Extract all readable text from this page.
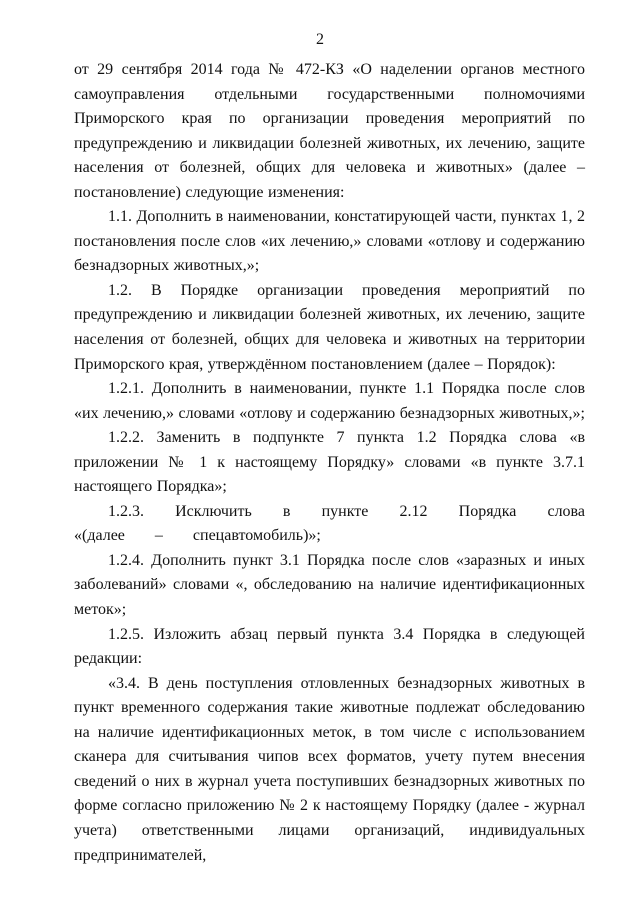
2

от 29 сентября 2014 года № 472-КЗ «О наделении органов местного самоуправления отдельными государственными полномочиями Приморского края по организации проведения мероприятий по предупреждению и ликвидации болезней животных, их лечению, защите населения от болезней, общих для человека и животных» (далее – постановление) следующие изменения:

1.1. Дополнить в наименовании, констатирующей части, пунктах 1, 2 постановления после слов «их лечению,» словами «отлову и содержанию безнадзорных животных,»;

1.2. В Порядке организации проведения мероприятий по предупреждению и ликвидации болезней животных, их лечению, защите населения от болезней, общих для человека и животных на территории Приморского края, утверждённом постановлением (далее – Порядок):

1.2.1. Дополнить в наименовании, пункте 1.1 Порядка после слов «их лечению,» словами «отлову и содержанию безнадзорных животных,»;

1.2.2. Заменить в подпункте 7 пункта 1.2 Порядка слова «в приложении № 1 к настоящему Порядку» словами «в пункте 3.7.1 настоящего Порядка»;

1.2.3. Исключить в пункте 2.12 Порядка слова «(далее – спецавтомобиль)»;

1.2.4. Дополнить пункт 3.1 Порядка после слов «заразных и иных заболеваний» словами «, обследованию на наличие идентификационных меток»;

1.2.5. Изложить абзац первый пункта 3.4 Порядка в следующей редакции:

«3.4. В день поступления отловленных безнадзорных животных в пункт временного содержания такие животные подлежат обследованию на наличие идентификационных меток, в том числе с использованием сканера для считывания чипов всех форматов, учету путем внесения сведений о них в журнал учета поступивших безнадзорных животных по форме согласно приложению № 2 к настоящему Порядку (далее - журнал учета) ответственными лицами организаций, индивидуальных предпринимателей,
